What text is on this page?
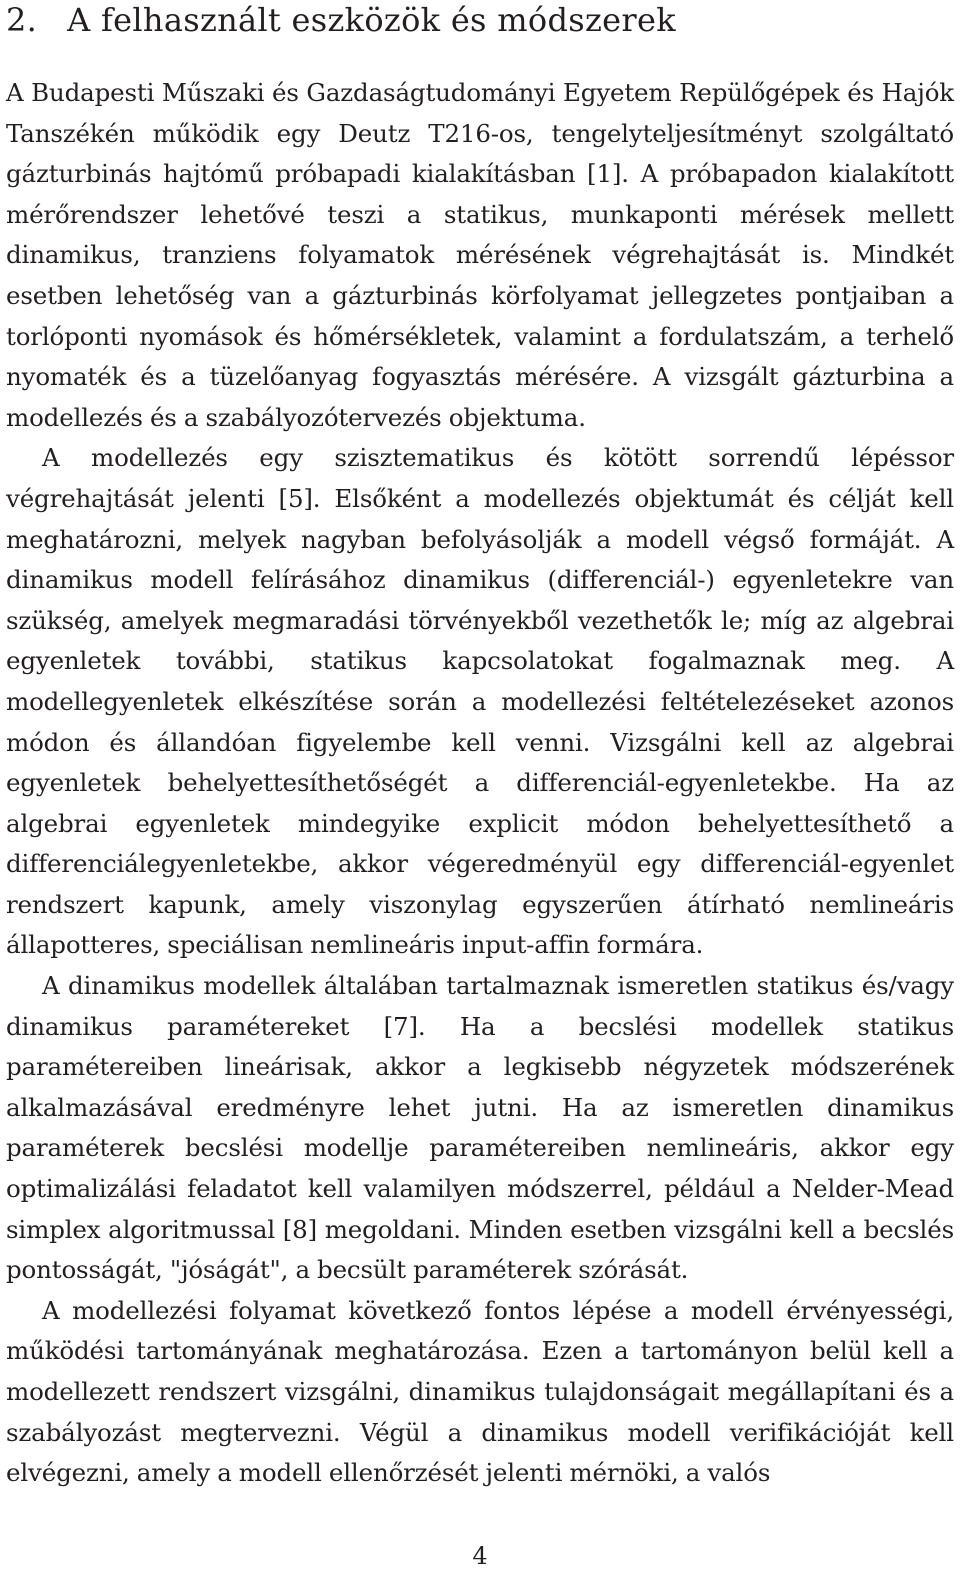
2. A felhasznált eszközök és módszerek

A Budapesti Műszaki és Gazdaságtudományi Egyetem Repülőgépek és Hajók Tanszékén működik egy Deutz T216-os, tengelyteljesítményt szolgáltató gázturbinás hajtómű próbapadi kialakításban [1]. A próbapadon kialakított mérőrendszer lehetővé teszi a statikus, munkaponti mérések mellett dinamikus, tranziens folyamatok mérésének végrehajtását is. Mindkét esetben lehetőség van a gázturbinás körfolyamat jellegzetes pontjaiban a torlóponti nyomások és hőmérsékletek, valamint a fordulatszám, a terhelő nyomaték és a tüzelőanyag fogyasztás mérésére. A vizsgált gázturbina a modellezés és a szabályozótervezés objektuma.

A modellezés egy szisztematikus és kötött sorrendű lépéssor végrehajtását jelenti [5]. Elsőként a modellezés objektumát és célját kell meghatározni, melyek nagyban befolyásolják a modell végső formáját. A dinamikus modell felírásához dinamikus (differenciál-) egyenletekre van szükség, amelyek megmaradási törvényekből vezethetők le; míg az algebrai egyenletek további, statikus kapcsolatokat fogalmaznak meg. A modellegyenletek elkészítése során a modellezési feltételezéseket azonos módon és állandóan figyelembe kell venni. Vizsgálni kell az algebrai egyenletek behelyettesíthetőségét a differenciál-egyenletekbe. Ha az algebrai egyenletek mindegyike explicit módon behelyettesíthető a differenciálegyenletekbe, akkor végeredményül egy differenciál-egyenlet rendszert kapunk, amely viszonylag egyszerűen átírható nemlineáris állapotteres, speciálisan nemlineáris input-affin formára.

A dinamikus modellek általában tartalmaznak ismeretlen statikus és/vagy dinamikus paramétereket [7]. Ha a becslési modellek statikus paramétereiben lineárisak, akkor a legkisebb négyzetek módszerének alkalmazásával eredményre lehet jutni. Ha az ismeretlen dinamikus paraméterek becslési modellje paramétereiben nemlineáris, akkor egy optimalizálási feladatot kell valamilyen módszerrel, például a Nelder-Mead simplex algoritmussal [8] megoldani. Minden esetben vizsgálni kell a becslés pontosságát, "jóságát", a becsült paraméterek szórását.

A modellezési folyamat következő fontos lépése a modell érvényességi, működési tartományának meghatározása. Ezen a tartományon belül kell a modellezett rendszert vizsgálni, dinamikus tulajdonságait megállapítani és a szabályozást megtervezni. Végül a dinamikus modell verifikációját kell elvégezni, amely a modell ellenőrzését jelenti mérnöki, a valós

4
